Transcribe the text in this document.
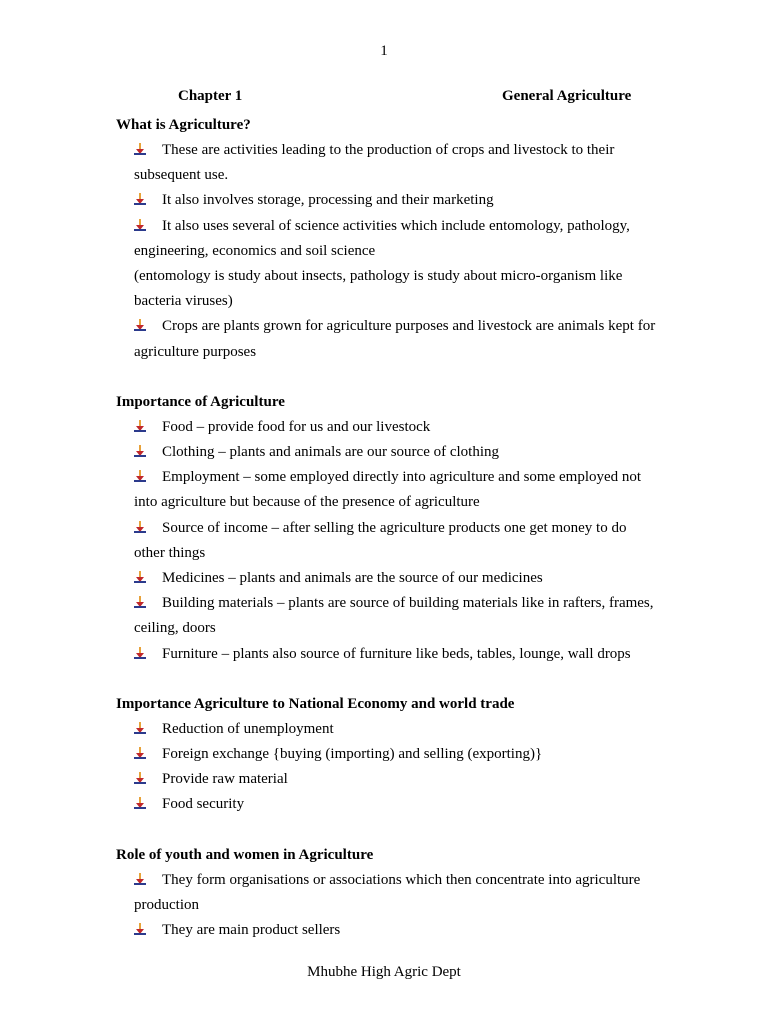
1
Chapter 1	General Agriculture
What is Agriculture?
These are activities leading to the production of crops and livestock to their subsequent use.
It also involves storage, processing and their marketing
It also uses several of science activities which include entomology, pathology, engineering, economics and soil science
(entomology is study about insects, pathology is study about micro-organism like bacteria viruses)
Crops are plants grown for agriculture purposes and livestock are animals kept for agriculture purposes
Importance of Agriculture
Food – provide food for us and our livestock
Clothing – plants and animals are our source of clothing
Employment – some employed directly into agriculture and some employed not into agriculture but because of the presence of agriculture
Source of income – after selling the agriculture products one get money to do other things
Medicines – plants and animals are the source of our medicines
Building materials – plants are source of building materials like in rafters, frames, ceiling, doors
Furniture – plants also source of furniture like beds, tables, lounge, wall drops
Importance Agriculture to National Economy and world trade
Reduction of unemployment
Foreign exchange {buying (importing) and selling (exporting)}
Provide raw material
Food security
Role of youth and women in Agriculture
They form organisations or associations which then concentrate into agriculture production
They are main product sellers
Mhubhe High Agric Dept
